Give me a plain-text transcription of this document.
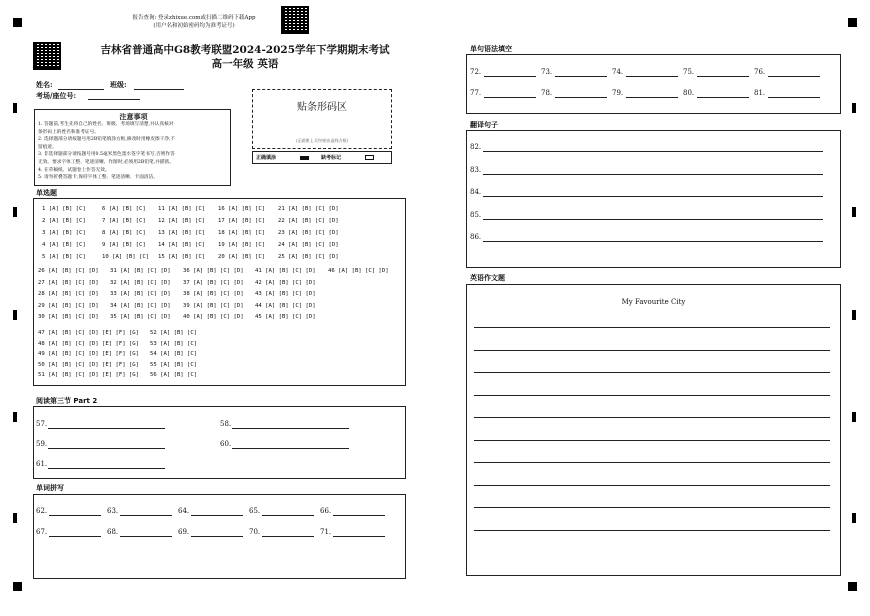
报告查询: 登录zhixue.com或扫描二维码下载App
(用户名和初始密码均为准考证号)
吉林省普通高中G8教考联盟2024-2025学年下学期期末考试
高一年级 英语
姓名:	班级:
考场/座位号:
贴条形码区
(正面朝上,切勿贴出虚线方框)
正确填涂	缺考标记
注意事项
1. 答题前,考生先将自己的姓名、班级、考场填写清楚,并认真核对
条形码上的姓名和准考证号。
2. 选择题部分请按题号用2B铅笔填涂方框,修改时用橡皮擦干净,不
留痕迹。
3. 非选择题部分请按题号用0.5毫米黑色墨水签字笔书写,否则作答
无效。要求字体工整、笔迹清晰。作图时,必须用2B铅笔,并描浓。
4. 在草稿纸、试题卷上作答无效。
5. 请勿折叠答题卡,保持字体工整、笔迹清晰、卡面清洁。
单选题
1 [A] [B] [C]	6 [A] [B] [C] 11 [A] [B] [C] 16 [A] [B] [C] 21 [A] [B] [C] [D]
2 [A] [B] [C]	7 [A] [B] [C] 12 [A] [B] [C] 17 [A] [B] [C] 22 [A] [B] [C] [D]
3 [A] [B] [C]	8 [A] [B] [C] 13 [A] [B] [C] 18 [A] [B] [C] 23 [A] [B] [C] [D]
4 [A] [B] [C]	9 [A] [B] [C] 14 [A] [B] [C] 19 [A] [B] [C] 24 [A] [B] [C] [D]
5 [A] [B] [C]	10 [A] [B] [C] 15 [A] [B] [C] 20 [A] [B] [C] 25 [A] [B] [C] [D]
26 [A] [B] [C] [D] 31 [A] [B] [C] [D] 36 [A] [B] [C] [D] 41 [A] [B] [C] [D] 46 [A] [B] [C] [D]
27 [A] [B] [C] [D] 32 [A] [B] [C] [D] 37 [A] [B] [C] [D] 42 [A] [B] [C] [D]
28 [A] [B] [C] [D] 33 [A] [B] [C] [D] 38 [A] [B] [C] [D] 43 [A] [B] [C] [D]
29 [A] [B] [C] [D] 34 [A] [B] [C] [D] 39 [A] [B] [C] [D] 44 [A] [B] [C] [D]
30 [A] [B] [C] [D] 35 [A] [B] [C] [D] 40 [A] [B] [C] [D] 45 [A] [B] [C] [D]
47 [A] [B] [C] [D] [E] [F] [G] 52 [A] [B] [C]
48 [A] [B] [C] [D] [E] [F] [G] 53 [A] [B] [C]
49 [A] [B] [C] [D] [E] [F] [G] 54 [A] [B] [C]
50 [A] [B] [C] [D] [E] [F] [G] 55 [A] [B] [C]
51 [A] [B] [C] [D] [E] [F] [G] 56 [A] [B] [C]
阅读第三节 Part 2
57.	58.
59.	60.
61.
单词拼写
62.	63.	64.	65.	66.
67.	68.	69.	70.	71.
单句语法填空
72.	73.	74.	75.	76.
77.	78.	79.	80.	81.
翻译句子
82.
83.
84.
85.
86.
英语作文题
My Favourite City
